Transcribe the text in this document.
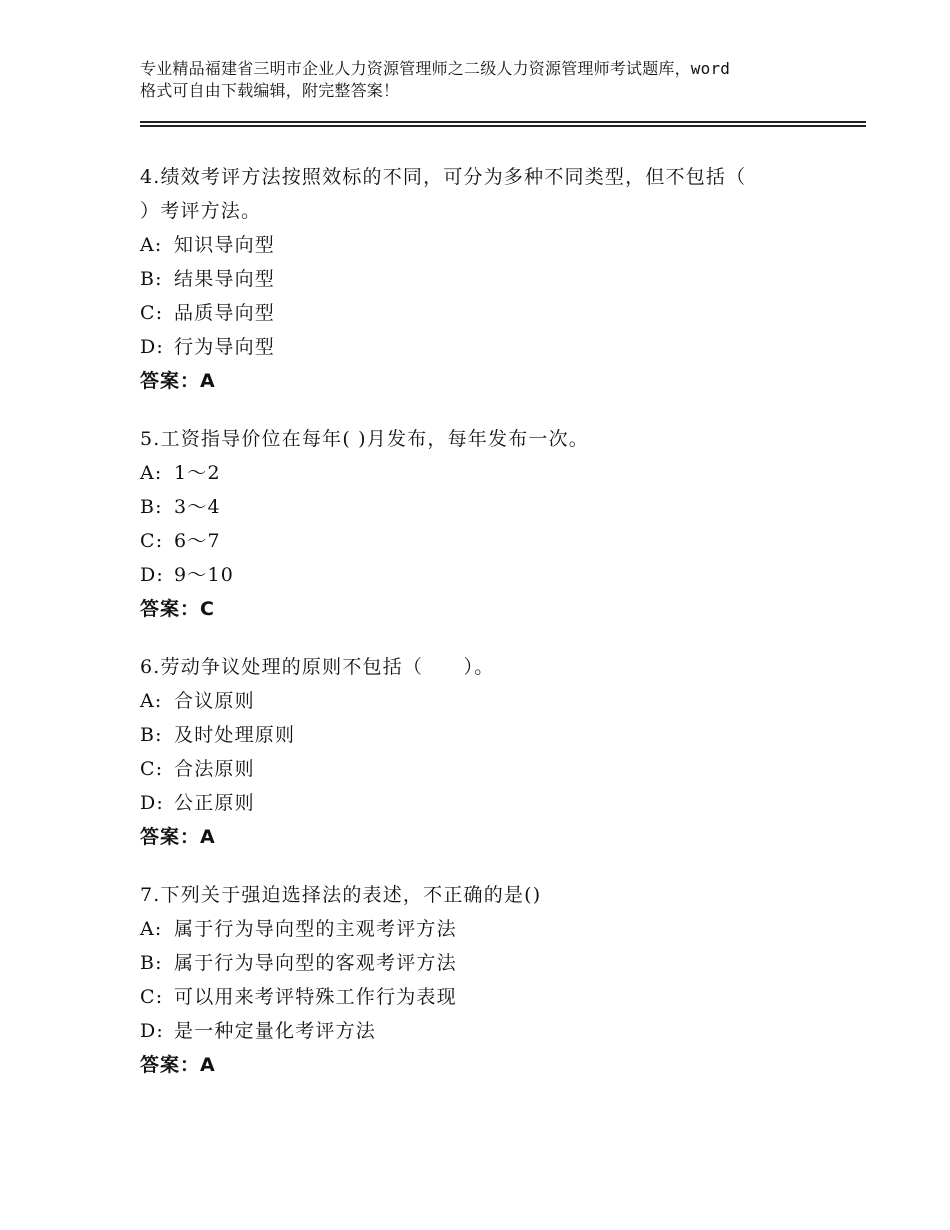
专业精品福建省三明市企业人力资源管理师之二级人力资源管理师考试题库，word
格式可自由下载编辑，附完整答案！
4.绩效考评方法按照效标的不同，可分为多种不同类型，但不包括（
）考评方法。
A: 知识导向型
B: 结果导向型
C: 品质导向型
D: 行为导向型
答案：A
5.工资指导价位在每年( )月发布，每年发布一次。
A: 1～2
B: 3～4
C: 6～7
D: 9～10
答案：C
6.劳动争议处理的原则不包括（　　）。
A: 合议原则
B: 及时处理原则
C: 合法原则
D: 公正原则
答案：A
7.下列关于强迫选择法的表述，不正确的是()
A: 属于行为导向型的主观考评方法
B: 属于行为导向型的客观考评方法
C: 可以用来考评特殊工作行为表现
D: 是一种定量化考评方法
答案：A
